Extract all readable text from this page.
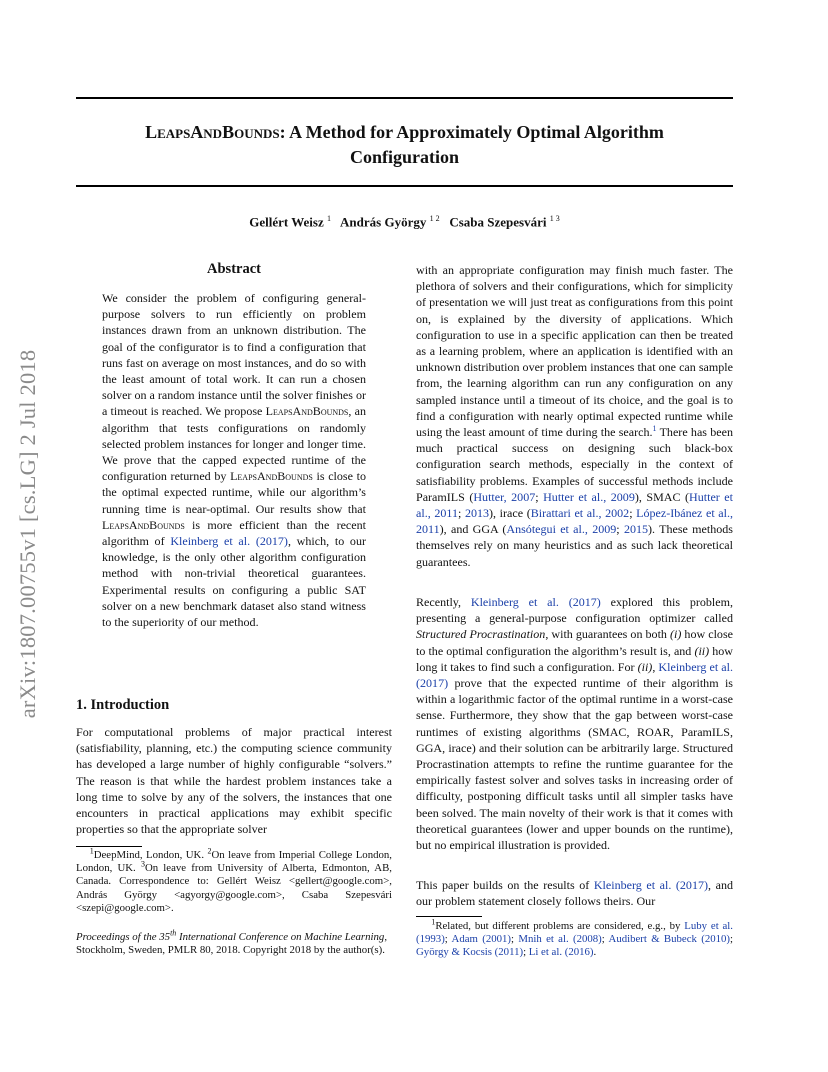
arXiv:1807.00755v1 [cs.LG] 2 Jul 2018
LeapsAndBounds: A Method for Approximately Optimal Algorithm
Configuration
Gellért Weisz $^1$ András György $^{1 2}$ Csaba Szepesvári $^{1 3}$
Abstract
We consider the problem of configuring general-purpose solvers to run efficiently on problem instances drawn from an unknown distribution. The goal of the configurator is to find a configuration that runs fast on average on most instances, and do so with the least amount of total work. It can run a chosen solver on a random instance until the solver finishes or a timeout is reached. We propose LeapsAndBounds, an algorithm that tests configurations on randomly selected problem instances for longer and longer time. We prove that the capped expected runtime of the configuration returned by LeapsAndBounds is close to the optimal expected runtime, while our algorithm’s running time is near-optimal. Our results show that LeapsAndBounds is more efficient than the recent algorithm of Kleinberg et al. (2017), which, to our knowledge, is the only other algorithm configuration method with non-trivial theoretical guarantees. Experimental results on configuring a public SAT solver on a new benchmark dataset also stand witness to the superiority of our method.
1. Introduction
For computational problems of major practical interest (satisfiability, planning, etc.) the computing science community has developed a large number of highly configurable “solvers.” The reason is that while the hardest problem instances take a long time to solve by any of the solvers, the instances that one encounters in practical applications may exhibit specific properties so that the appropriate solver
$^1$DeepMind, London, UK. $^2$On leave from Imperial College London, London, UK. $^3$On leave from University of Alberta, Edmonton, AB, Canada. Correspondence to: Gellért Weisz <gellert@google.com>, András György <agyorgy@google.com>, Csaba Szepesvári <szepi@google.com>.
Proceedings of the 35th International Conference on Machine Learning, Stockholm, Sweden, PMLR 80, 2018. Copyright 2018 by the author(s).
with an appropriate configuration may finish much faster. The plethora of solvers and their configurations, which for simplicity of presentation we will just treat as configurations from this point on, is explained by the diversity of applications. Which configuration to use in a specific application can then be treated as a learning problem, where an application is identified with an unknown distribution over problem instances that one can sample from, the learning algorithm can run any configuration on any sampled instance until a timeout of its choice, and the goal is to find a configuration with nearly optimal expected runtime while using the least amount of time during the search.$^1$ There has been much practical success on designing such black-box configuration search methods, especially in the context of satisfiability problems. Examples of successful methods include ParamILS (Hutter, 2007; Hutter et al., 2009), SMAC (Hutter et al., 2011; 2013), irace (Birattari et al., 2002; López-Ibánez et al., 2011), and GGA (Ansótegui et al., 2009; 2015). These methods themselves rely on many heuristics and as such lack theoretical guarantees.
Recently, Kleinberg et al. (2017) explored this problem, presenting a general-purpose configuration optimizer called Structured Procrastination, with guarantees on both (i) how close to the optimal configuration the algorithm’s result is, and (ii) how long it takes to find such a configuration. For (ii), Kleinberg et al. (2017) prove that the expected runtime of their algorithm is within a logarithmic factor of the optimal runtime in a worst-case sense. Furthermore, they show that the gap between worst-case runtimes of existing algorithms (SMAC, ROAR, ParamILS, GGA, irace) and their solution can be arbitrarily large. Structured Procrastination attempts to refine the runtime guarantee for the empirically fastest solver and solves tasks in increasing order of difficulty, postponing difficult tasks until all simpler tasks have been solved. The main novelty of their work is that it comes with theoretical guarantees (lower and upper bounds on the runtime), but no empirical illustration is provided.
This paper builds on the results of Kleinberg et al. (2017), and our problem statement closely follows theirs. Our
$^1$Related, but different problems are considered, e.g., by Luby et al. (1993); Adam (2001); Mnih et al. (2008); Audibert & Bubeck (2010); György & Kocsis (2011); Li et al. (2016).
